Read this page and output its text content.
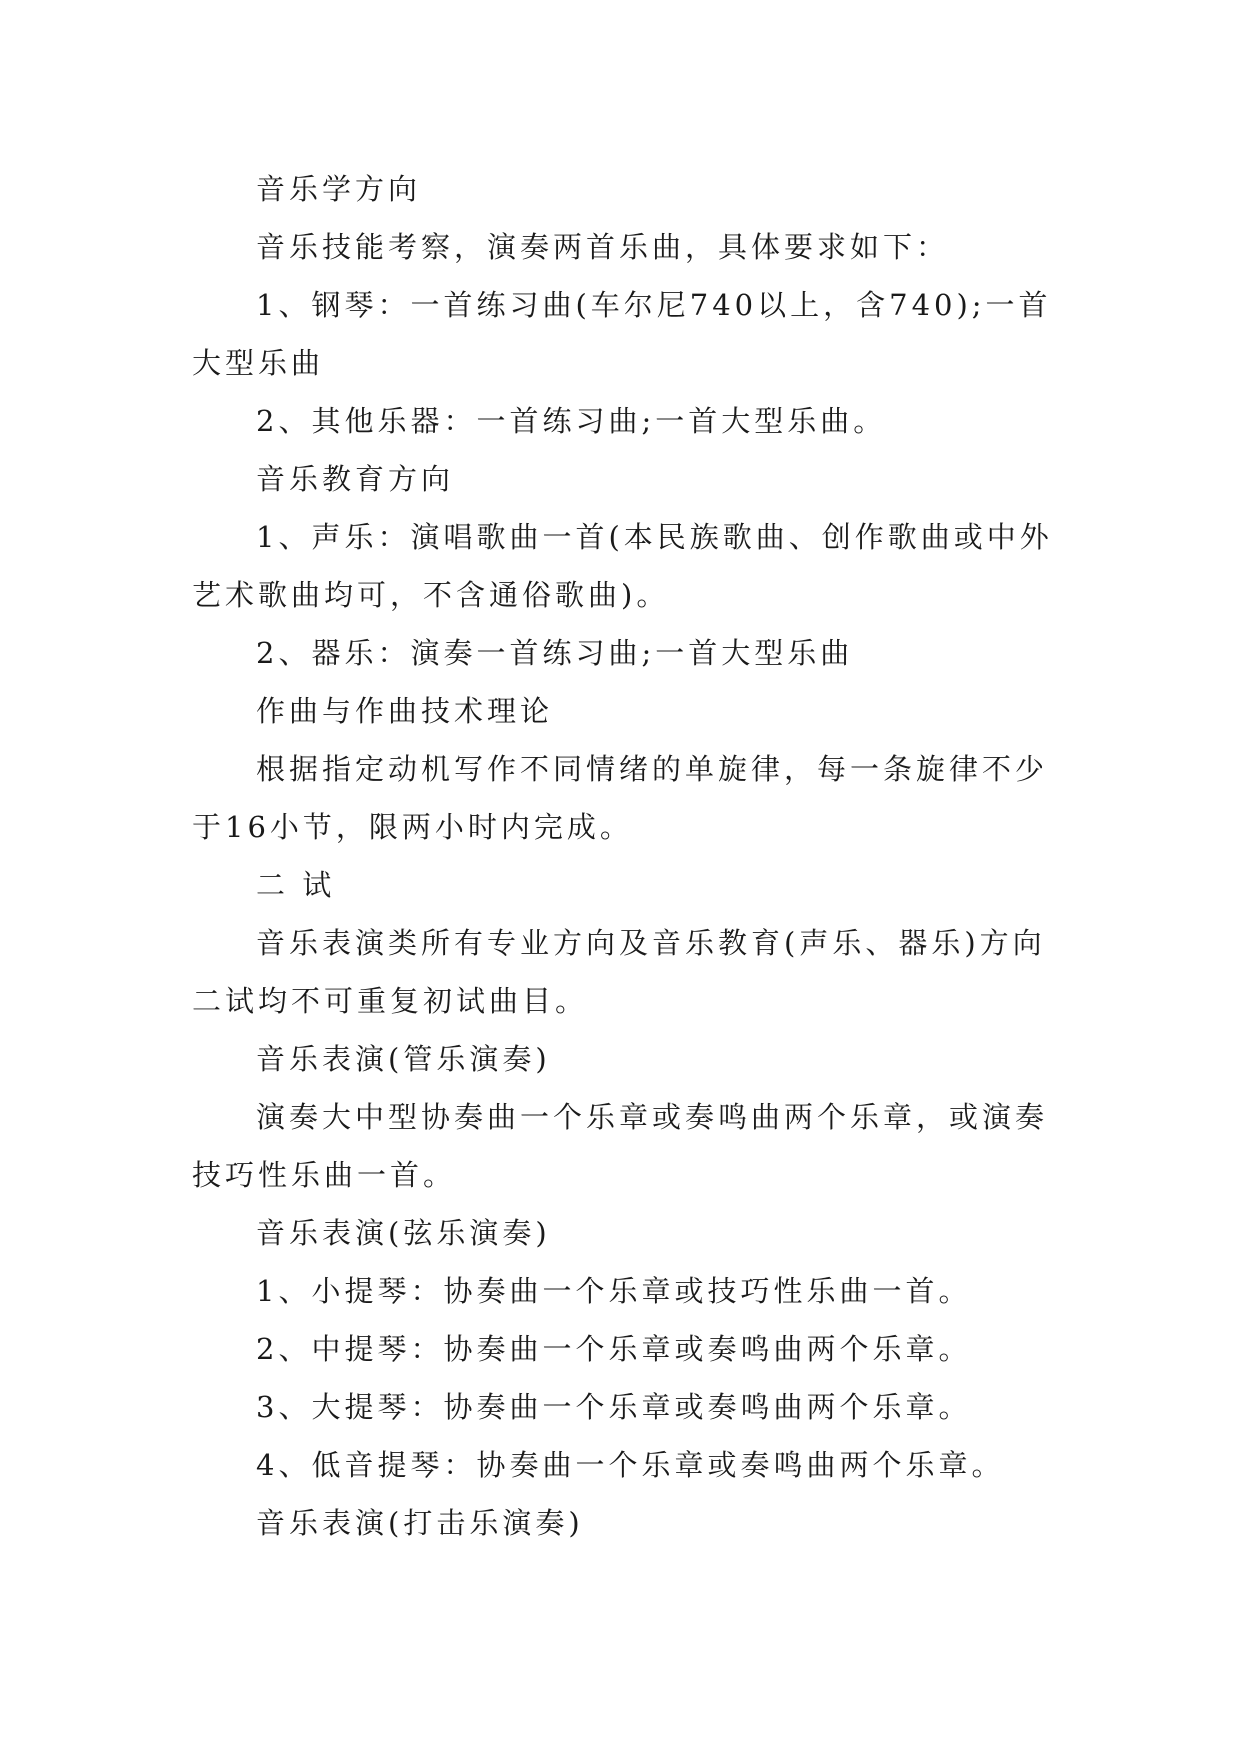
音乐学方向

音乐技能考察，演奏两首乐曲，具体要求如下：

1、钢琴：一首练习曲(车尔尼740以上，含740);一首大型乐曲

2、其他乐器：一首练习曲;一首大型乐曲。

音乐教育方向

1、声乐：演唱歌曲一首(本民族歌曲、创作歌曲或中外艺术歌曲均可，不含通俗歌曲)。

2、器乐：演奏一首练习曲;一首大型乐曲

作曲与作曲技术理论

根据指定动机写作不同情绪的单旋律，每一条旋律不少于16小节，限两小时内完成。

二 试

音乐表演类所有专业方向及音乐教育(声乐、器乐)方向二试均不可重复初试曲目。

音乐表演(管乐演奏)

演奏大中型协奏曲一个乐章或奏鸣曲两个乐章，或演奏技巧性乐曲一首。

音乐表演(弦乐演奏)

1、小提琴：协奏曲一个乐章或技巧性乐曲一首。

2、中提琴：协奏曲一个乐章或奏鸣曲两个乐章。

3、大提琴：协奏曲一个乐章或奏鸣曲两个乐章。

4、低音提琴：协奏曲一个乐章或奏鸣曲两个乐章。

音乐表演(打击乐演奏)
